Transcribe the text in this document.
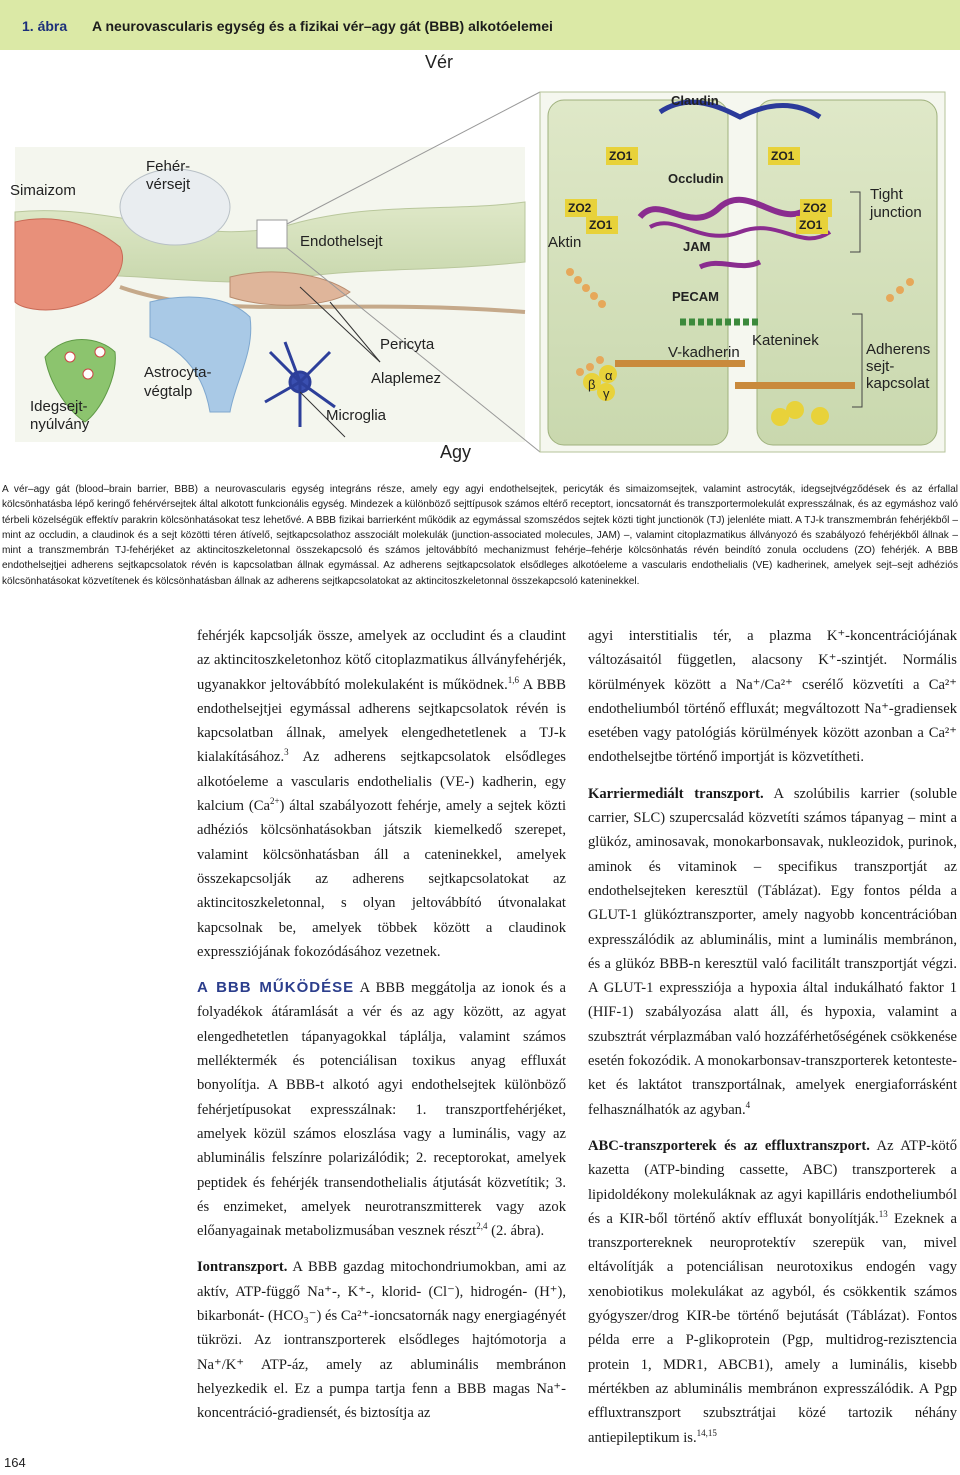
1. ábra A neurovascularis egység és a fizikai vér–agy gát (BBB) alkotóelemei
Vér
Agy
Simaizom
Fehér-
vérsejt
Endothelsejt
Pericyta
Alaplemez
Astrocyta-
végtalp
Idegsejt-
nyúlvány
Microglia
Claudin
ZO1
ZO2
ZO1
ZO1
ZO2
ZO1
Occludin
JAM
Aktin
PECAM
Tight
junction
V-kadherin
Kateninek
Adherens
sejt-
kapcsolat
α
β
γ

A vér–agy gát (blood–brain barrier, BBB) a neurovascularis egység integráns része, amely egy agyi endothelsejtek, pericyták és simaizomsejtek, valamint astrocyták, idegsejtvégződések és az érfallal kölcsönhatásba lépő keringő fehérvérsejtek által alkotott funkcionális egység. Mindezek a különböző sejttípusok számos eltérő receptort, ioncsatornát és transzportermolekulát expresszálnak, és az egymáshoz való térbeli közelségük effektív parakrin kölcsönhatásokat tesz lehetővé. A BBB fizikai barrierként működik az egymással szomszédos sejtek közti tight junctionök (TJ) jelenléte miatt. A TJ-k transzmembrán fehérjékből – mint az occludin, a claudinok és a sejt közötti téren átívelő, sejtkapcsolathoz asszociált molekulák (junction-associated molecules, JAM) –, valamint citoplazmatikus állványozó és szabályozó fehérjékből állnak – mint a transzmembrán TJ-fehérjéket az aktincitoszkeletonnal összekapcsoló és számos jeltovábbító mechanizmust fehérje–fehérje kölcsönhatás révén beindító zonula occludens (ZO) fehérjék. A BBB endothelsejtjei adherens sejtkapcsolatok révén is kapcsolatban állnak egymással. Az adherens sejtkapcsolatok elsődleges alkotóeleme a vascularis endothelialis (VE) kadherinek, amelyek sejt–sejt adhéziós kölcsönhatásokat közvetítenek és kölcsönhatásban állnak az adherens sejtkapcsolatokat az aktincitoszkeletonnal összekapcsoló kateninekkel.

fehérjék kapcsolják össze, amelyek az occludint és a claudint az aktincitoszkeletonhoz kötő citoplazmatikus állványfehérjék, ugyanakkor jeltovábbító molekulaként is működnek.$^{1,6}$ A BBB endothelsejtjei egymással adherens sejtkapcsolatok révén is kapcsolatban állnak, amelyek elengedhetetlenek a TJ-k kialakításához.$^3$ Az adherens sejtkapcsolatok elsődleges alkotóeleme a vascularis endothelialis (VE-) kadherin, egy kalcium $(Ca^{2+})$ által szabályozott fehérje, amely a sejtek közti adhéziós kölcsönhatásokban játszik kiemelkedő szerepet, valamint kölcsönhatásban áll a cateninekkel, amelyek összekapcsolják az adherens sejtkapcsolatokat az aktincitoszkeletonnal, s olyan jeltovábbító útvonalakat kapcsolnak be, amelyek többek között a claudinok expressziójának fokozódásához vezetnek.

A BBB MŰKÖDÉSE A BBB meggátolja az ionok és a folyadékok átáramlását a vér és az agy között, az agyat elengedhetetlen tápanyagokkal táplálja, valamint számos melléktermék és potenciálisan toxikus anyag effluxát bonyolítja. A BBB-t alkotó agyi endothelsejtek különböző fehérjetípusokat expresszálnak: 1. transzportfehérjéket, amelyek közül számos eloszlása vagy a luminális, vagy az abluminális felszínre polarizálódik; 2. receptorokat, amelyek peptidek és fehérjék transendothelialis átjutását közvetítik; 3. és enzimeket, amelyek neurotranszmitterek vagy azok előanyagainak metabolizmusában vesznek részt$^{2,4}$ (2. ábra).

Iontranszport. A BBB gazdag mitochondriumokban, ami az aktív, ATP-függő Na⁺-, K⁺-, klorid- (Cl⁻), hidrogén- (H⁺), bikarbonát- (HCO₃⁻) és Ca²⁺-ioncsatornák nagy energiagényét tükrözi. Az iontranszporterek elsődleges hajtómotorja a Na⁺/K⁺ ATP-áz, amely az abluminális membránon helyezkedik el. Ez a pumpa tartja fenn a BBB magas Na⁺-koncentráció-gradiensét, és biztosítja az

agyi interstitialis tér, a plazma K⁺-koncentrációjának változásaitól független, alacsony K⁺-szintjét. Normális körülmények között a Na⁺/Ca²⁺ cserélő közvetíti a Ca²⁺ endotheliumból történő effluxát; megváltozott Na⁺-gradiensek esetében vagy patológiás körülmények között azonban a Ca²⁺ endothelsejtbe történő importját is közvetítheti.

Karriermediált transzport. A szolúbilis karrier (soluble carrier, SLC) szupercsalád közvetíti számos tápanyag – mint a glükóz, aminosavak, monokarbonsavak, nukleozidok, purinok, aminok és vitaminok – specifikus transzportját az endothelsejteken keresztül (Táblázat). Egy fontos példa a GLUT-1 glükóztranszporter, amely nagyobb koncentrációban expresszálódik az abluminális, mint a luminális membránon, és a glükóz BBB-n keresztül való facilitált transzportját végzi. A GLUT-1 expressziója a hypoxia által indukálható faktor 1 (HIF-1) szabályozása alatt áll, és hypoxia, valamint a szubsztrát vérplazmában való hozzáférhetőségének csökkenése esetén fokozódik. A monokarbonsav-transzporterek ketontesteket és laktátot transzportálnak, amelyek energiaforrásként felhasználhatók az agyban.$^4$

ABC-transzporterek és az effluxtranszport. Az ATP-kötő kazetta (ATP-binding cassette, ABC) transzporterek a lipidoldékony molekuláknak az agyi kapilláris endotheliumból és a KIR-ből történő aktív effluxát bonyolítják.$^{13}$ Ezeknek a transzportereknek neuroprotektív szerepük van, mivel eltávolítják a potenciálisan neurotoxikus endogén vagy xenobiotikus molekulákat az agyból, és csökkentik számos gyógyszer/drog KIR-be történő bejutását (Táblázat). Fontos példa erre a P-glikoprotein (Pgp, multidrog-rezisztencia protein 1, MDR1, ABCB1), amely a luminális, kisebb mértékben az abluminális membránon expresszálódik. A Pgp effluxtranszport szubsztrátjai közé tartozik néhány antiepileptikum is.$^{14,15}$

164
